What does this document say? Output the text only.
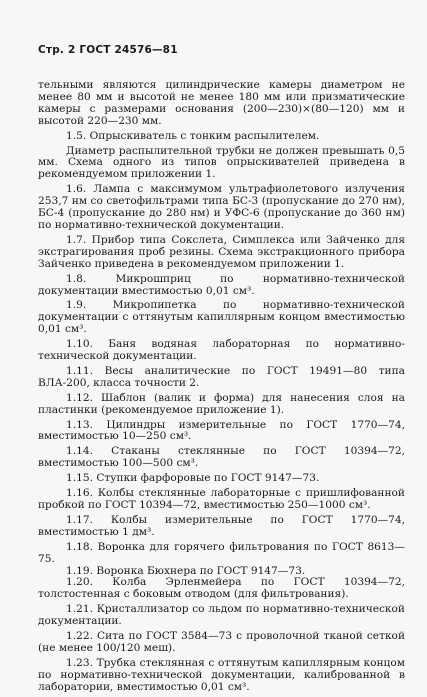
Стр. 2 ГОСТ 24576—81

тельными являются цилиндрические камеры диаметром не менее 80 мм и высотой не менее 180 мм или призматические камеры с размерами основания (200—230)×(80—120) мм и высотой 220—230 мм.

1.5. Опрыскиватель с тонким распылителем.

Диаметр распылительной трубки не должен превышать 0,5 мм. Схема одного из типов опрыскивателей приведена в рекомендуемом приложении 1.

1.6. Лампа с максимумом ультрафиолетового излучения 253,7 нм со светофильтрами типа БС-3 (пропускание до 270 нм), БС-4 (пропускание до 280 нм) и УФС-6 (пропускание до 360 нм) по нормативно-технической документации.

1.7. Прибор типа Сокслета, Симплекса или Зайченко для экстрагирования проб резины. Схема экстракционного прибора Зайченко приведена в рекомендуемом приложении 1.

1.8. Микрошприц по нормативно-технической документации вместимостью 0,01 см³.

1.9. Микропипетка по нормативно-технической документации с оттянутым капиллярным концом вместимостью 0,01 см³.

1.10. Баня водяная лабораторная по нормативно-технической документации.

1.11. Весы аналитические по ГОСТ 19491—80 типа ВЛА-200, класса точности 2.

1.12. Шаблон (валик и форма) для нанесения слоя на пластинки (рекомендуемое приложение 1).

1.13. Цилиндры измерительные по ГОСТ 1770—74, вместимостью 10—250 см³.

1.14. Стаканы стеклянные по ГОСТ 10394—72, вместимостью 100—500 см³.

1.15. Ступки фарфоровые по ГОСТ 9147—73.

1.16. Колбы стеклянные лабораторные с пришлифованной пробкой по ГОСТ 10394—72, вместимостью 250—1000 см³.

1.17. Колбы измерительные по ГОСТ 1770—74, вместимостью 1 дм³.

1.18. Воронка для горячего фильтрования по ГОСТ 8613—75.

1.19. Воронка Бюхнера по ГОСТ 9147—73.

1.20. Колба Эрленмейера по ГОСТ 10394—72, толстостенная с боковым отводом (для фильтрования).

1.21. Кристаллизатор со льдом по нормативно-технической документации.

1.22. Сита по ГОСТ 3584—73 с проволочной тканой сеткой (не менее 100/120 меш).

1.23. Трубка стеклянная с оттянутым капиллярным концом по нормативно-технической документации, калиброванной в лаборатории, вместимостью 0,01 см³.
